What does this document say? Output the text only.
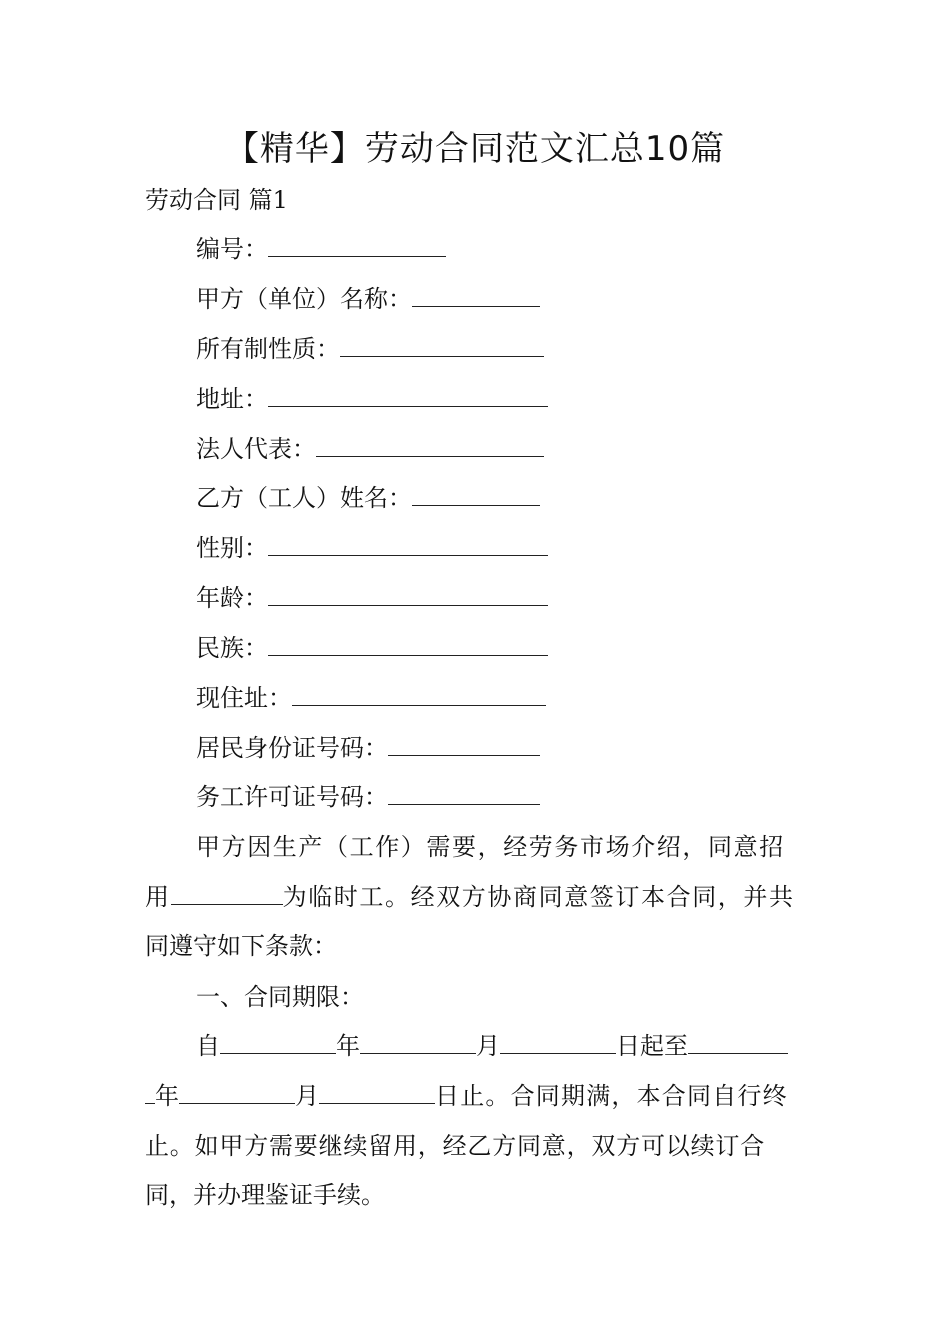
【精华】劳动合同范文汇总10篇
劳动合同 篇1
编号：
甲方（单位）名称：
所有制性质：
地址：
法人代表：
乙方（工人）姓名：
性别：
年龄：
民族：
现住址：
居民身份证号码：
务工许可证号码：
甲方因生产（工作）需要，经劳务市场介绍，同意招
用	为临时工。经双方协商同意签订本合同，并共
同遵守如下条款：
一、合同期限：
自	年	月	日起至
年	月	日止。合同期满，本合同自行终
止。如甲方需要继续留用，经乙方同意，双方可以续订合
同，并办理鉴证手续。
